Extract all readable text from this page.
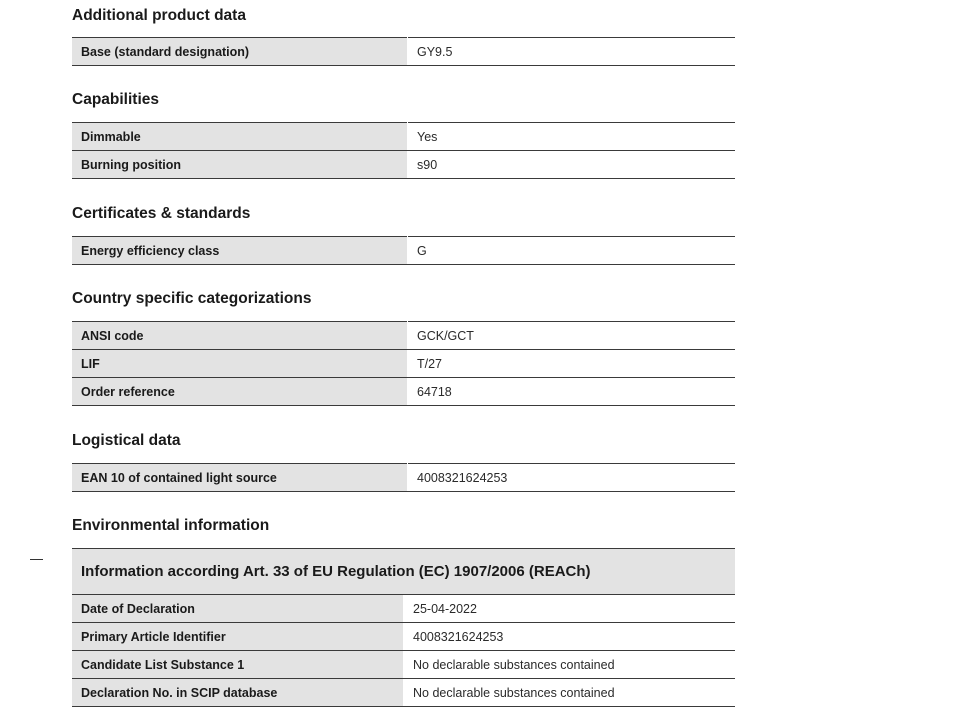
Additional product data
Base (standard designation)	GY9.5
Capabilities
Dimmable	Yes
Burning position	s90
Certificates & standards
Energy efficiency class	G
Country specific categorizations
ANSI code	GCK/GCT
LIF	T/27
Order reference	64718
Logistical data
EAN 10 of contained light source	4008321624253
Environmental information
Information according Art. 33 of EU Regulation (EC) 1907/2006 (REACh)	
Date of Declaration	25-04-2022
Primary Article Identifier	4008321624253
Candidate List Substance 1	No declarable substances contained
Declaration No. in SCIP database	No declarable substances contained
